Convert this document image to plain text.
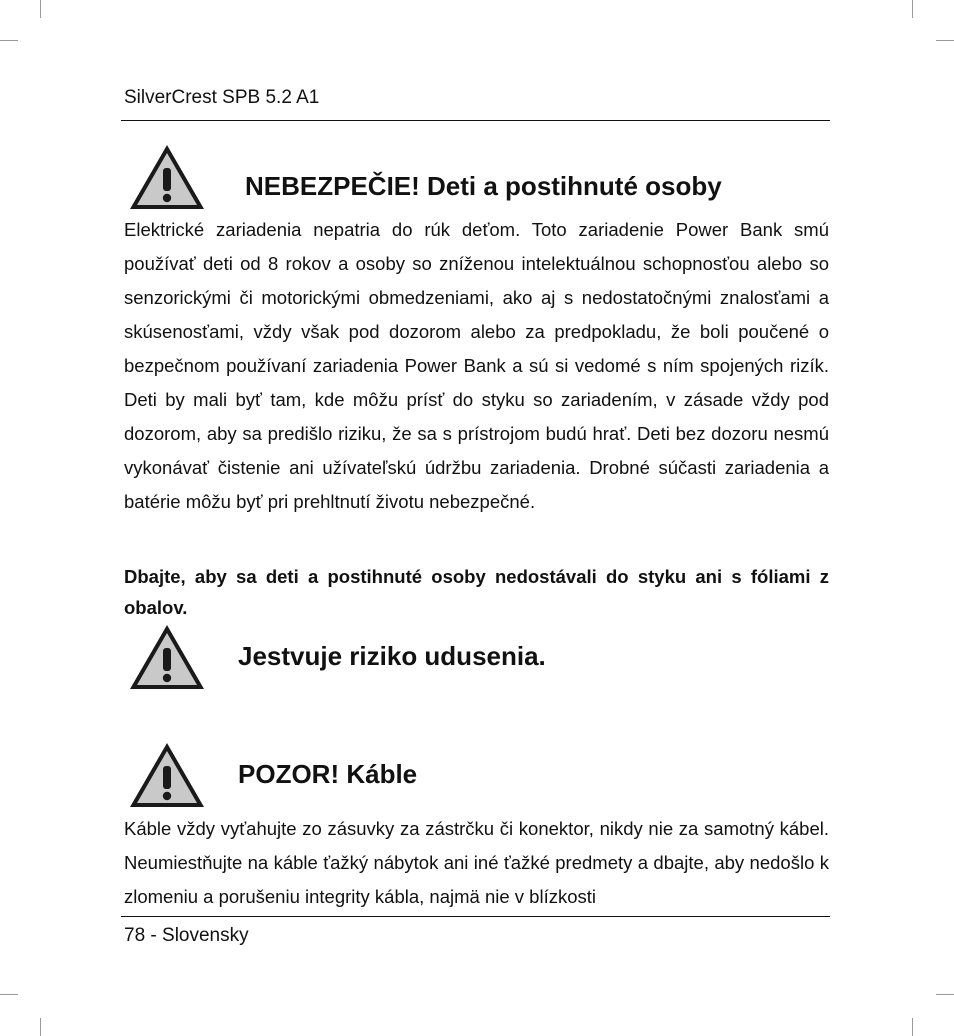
SilverCrest SPB 5.2 A1
NEBEZPEČIE! Deti a postihnuté osoby
Elektrické zariadenia nepatria do rúk deťom. Toto zariadenie Power Bank smú používať deti od 8 rokov a osoby so zníženou intelektuálnou schopnosťou alebo so senzorickými či motorickými obmedzeniami, ako aj s nedostatočnými znalosťami a skúsenosťami, vždy však pod dozorom alebo za predpokladu, že boli poučené o bezpečnom používaní zariadenia Power Bank a sú si vedomé s ním spojených rizík. Deti by mali byť tam, kde môžu prísť do styku so zariadením, v zásade vždy pod dozorom, aby sa predišlo riziku, že sa s prístrojom budú hrať. Deti bez dozoru nesmú vykonávať čistenie ani užívateľskú údržbu zariadenia. Drobné súčasti zariadenia a batérie môžu byť pri prehltnutí životu nebezpečné.
Dbajte, aby sa deti a postihnuté osoby nedostávali do styku ani s fóliami z obalov.
Jestvuje riziko udusenia.
POZOR! Káble
Káble vždy vyťahujte zo zásuvky za zástrčku či konektor, nikdy nie za samotný kábel. Neumiestňujte na káble ťažký nábytok ani iné ťažké predmety a dbajte, aby nedošlo k zlomeniu a porušeniu integrity kábla, najmä nie v blízkosti
78 - Slovensky
